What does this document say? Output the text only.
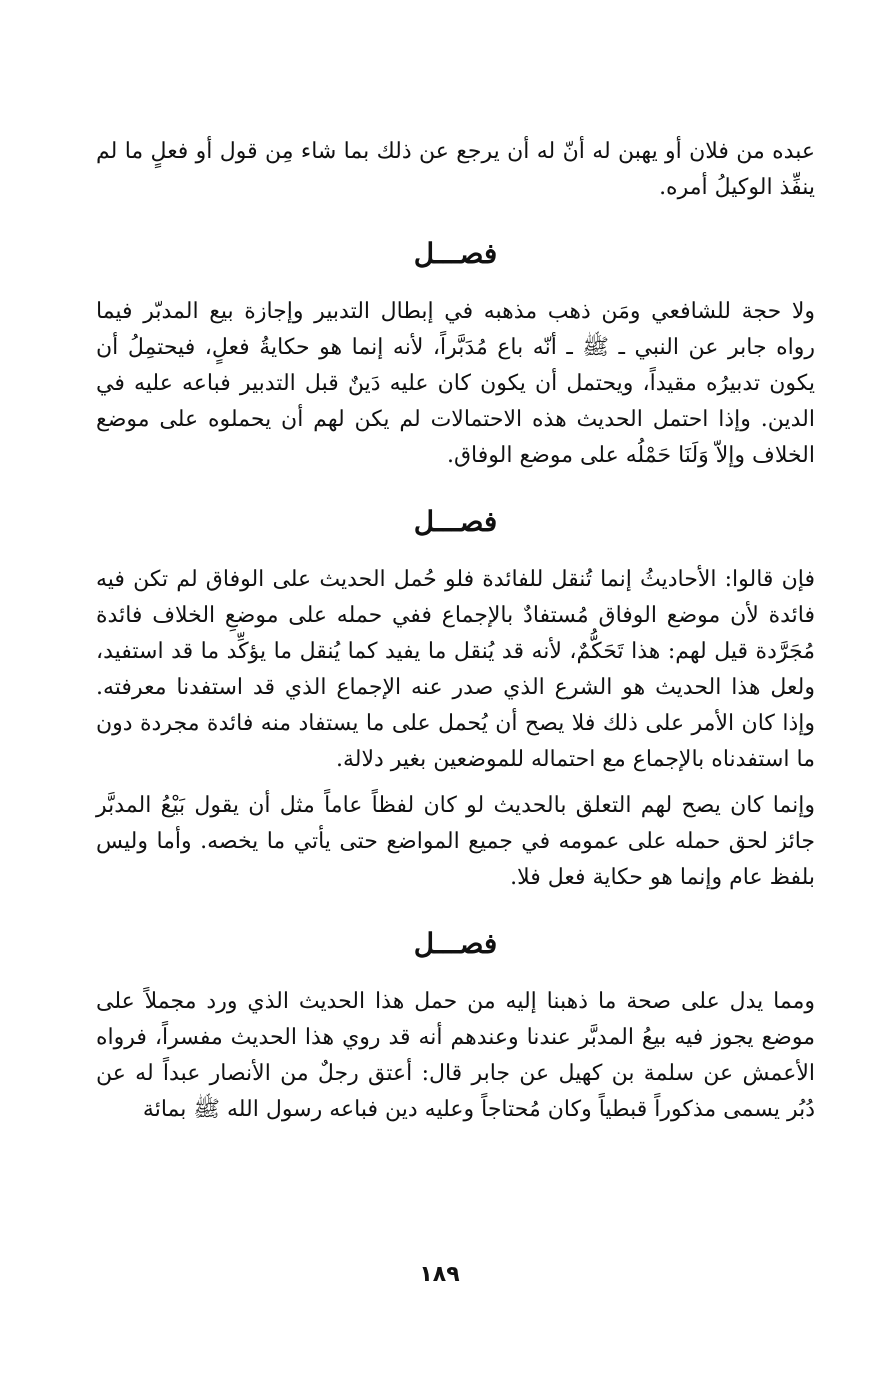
عبده من فلان أو يهبن له أنّ له أن يرجع عن ذلك بما شاء مِن قول أو فعلٍ ما لم ينفِّذ الوكيلُ أمره.

فصـــل

ولا حجة للشافعي ومَن ذهب مذهبه في إبطال التدبير وإجازة بيع المدبّر فيما رواه جابر عن النبي ـ ﷺ ـ أنّه باع مُدَبَّراً، لأنه إنما هو حكايةُ فعلٍ، فيحتمِلُ أن يكون تدبيرُه مقيداً، ويحتمل أن يكون كان عليه دَينٌ قبل التدبير فباعه عليه في الدين. وإذا احتمل الحديث هذه الاحتمالات لم يكن لهم أن يحملوه على موضع الخلاف وإلاّ وَلَنَا حَمْلُه على موضع الوفاق.

فصـــل

فإن قالوا: الأحاديثُ إنما تُنقل للفائدة فلو حُمل الحديث على الوفاق لم تكن فيه فائدة لأن موضع الوفاق مُستفادٌ بالإجماع ففي حمله على موضعِ الخلاف فائدة مُجَرَّدة قيل لهم: هذا تَحَكُّمٌ، لأنه قد يُنقل ما يفيد كما يُنقل ما يؤكِّد ما قد استفيد، ولعل هذا الحديث هو الشرع الذي صدر عنه الإجماع الذي قد استفدنا معرفته. وإذا كان الأمر على ذلك فلا يصح أن يُحمل على ما يستفاد منه فائدة مجردة دون ما استفدناه بالإجماع مع احتماله للموضعين بغير دلالة.

وإنما كان يصح لهم التعلق بالحديث لو كان لفظاً عاماً مثل أن يقول بَيْعُ المدبَّر جائز لحق حمله على عمومه في جميع المواضع حتى يأتي ما يخصه. وأما وليس بلفظ عام وإنما هو حكاية فعل فلا.

فصـــل

ومما يدل على صحة ما ذهبنا إليه من حمل هذا الحديث الذي ورد مجملاً على موضع يجوز فيه بيعُ المدبَّر عندنا وعندهم أنه قد روي هذا الحديث مفسراً، فرواه الأعمش عن سلمة بن كهيل عن جابر قال: أعتق رجلٌ من الأنصار عبداً له عن دُبُر يسمى مذكوراً قبطياً وكان مُحتاجاً وعليه دين فباعه رسول الله ﷺ بمائة

١٨٩
